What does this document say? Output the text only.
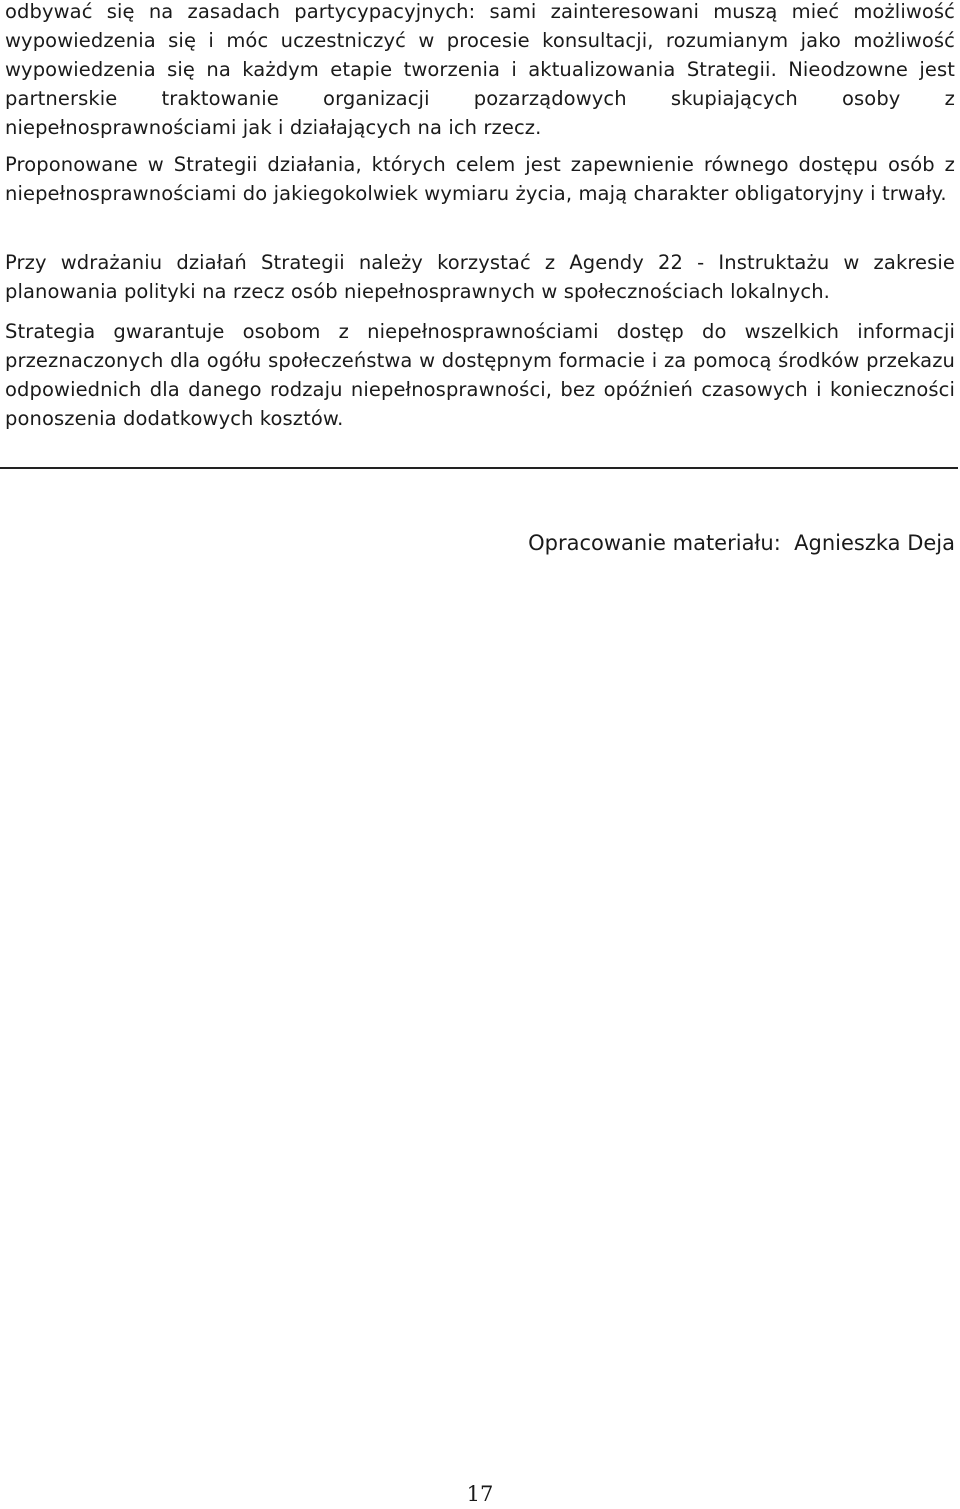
odbywać się na zasadach partycypacyjnych: sami zainteresowani muszą mieć możliwość wypowiedzenia się i móc uczestniczyć w procesie konsultacji, rozumianym jako możliwość wypowiedzenia się na każdym etapie tworzenia i aktualizowania Strategii. Nieodzowne jest partnerskie traktowanie organizacji pozarządowych skupiających osoby z niepełnosprawnościami jak i działających na ich rzecz.

Proponowane w Strategii działania, których celem jest zapewnienie równego dostępu osób z niepełnosprawnościami do jakiegokolwiek wymiaru życia, mają charakter obligatoryjny i trwały.

Przy wdrażaniu działań Strategii należy korzystać z Agendy 22 - Instruktażu w zakresie planowania polityki na rzecz osób niepełnosprawnych w społecznościach lokalnych.

Strategia gwarantuje osobom z niepełnosprawnościami dostęp do wszelkich informacji przeznaczonych dla ogółu społeczeństwa w dostępnym formacie i za pomocą środków przekazu odpowiednich dla danego rodzaju niepełnosprawności, bez opóźnień czasowych i konieczności ponoszenia dodatkowych kosztów.

Opracowanie materiału:  Agnieszka Deja
17
